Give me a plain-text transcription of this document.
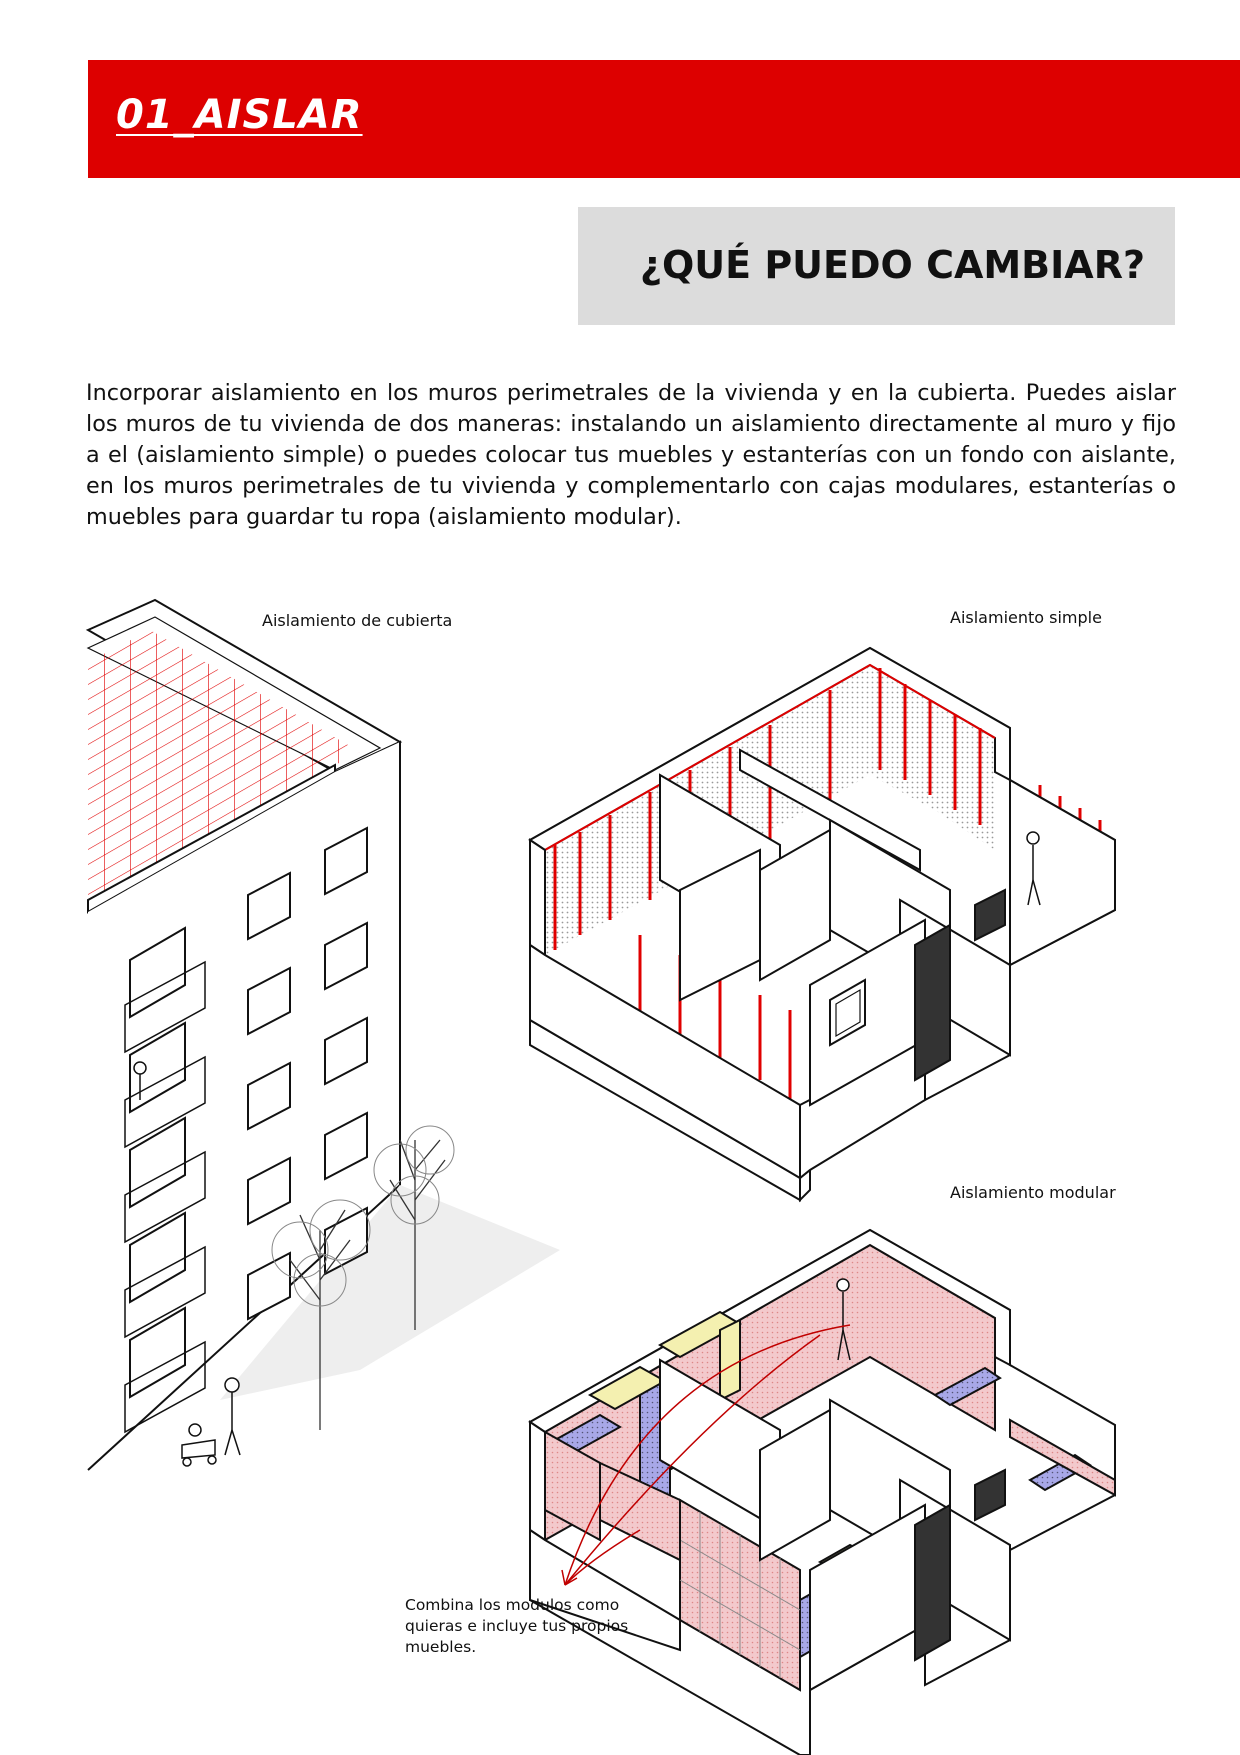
01_AISLAR
¿QUÉ PUEDO CAMBIAR?

Incorporar aislamiento en los muros perimetrales de la vivienda y en la cubierta. Puedes aislar los muros de tu vivienda de dos maneras: instalando un aislamiento directamente al muro y fijo a el (aislamiento simple) o puedes colocar tus muebles y estanterías con un fondo con aislante, en los muros perimetrales de tu vivienda y complementarlo con cajas modulares, estanterías o muebles para guardar tu ropa (aislamiento modular).

Aislamiento de cubierta	Aislamiento simple
Aislamiento modular
Combina los modulos como quieras e incluye tus propios muebles.
